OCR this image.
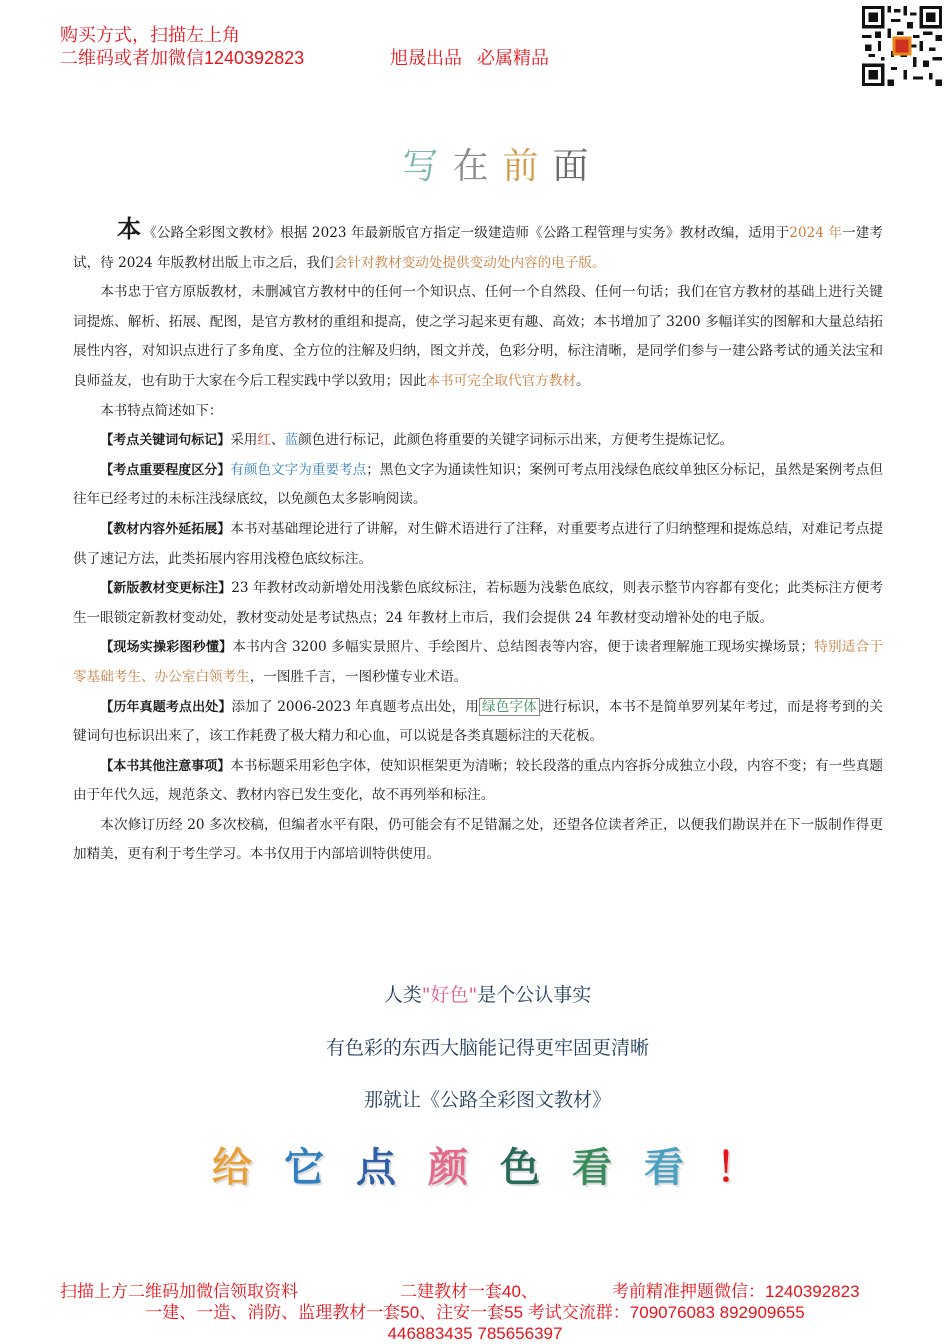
购买方式，扫描左上角
二维码或者加微信1240392823	旭晟出品   必属精品
写在前面

本 《公路全彩图文教材》根据 2023 年最新版官方指定一级建造师《公路工程管理与实务》教材改编，适用于2024 年一建考试，待 2024 年版教材出版上市之后，我们会针对教材变动处提供变动处内容的电子版。

本书忠于官方原版教材，未删减官方教材中的任何一个知识点、任何一个自然段、任何一句话；我们在官方教材的基础上进行关键词提炼、解析、拓展、配图，是官方教材的重组和提高，使之学习起来更有趣、高效；本书增加了 3200 多幅详实的图解和大量总结拓展性内容，对知识点进行了多角度、全方位的注解及归纳，图文并茂，色彩分明，标注清晰，是同学们参与一建公路考试的通关法宝和良师益友，也有助于大家在今后工程实践中学以致用；因此本书可完全取代官方教材。

本书特点简述如下：

【考点关键词句标记】采用红、蓝颜色进行标记，此颜色将重要的关键字词标示出来，方便考生提炼记忆。

【考点重要程度区分】有颜色文字为重要考点；黑色文字为通读性知识；案例可考点用浅绿色底纹单独区分标记，虽然是案例考点但往年已经考过的未标注浅绿底纹，以免颜色太多影响阅读。

【教材内容外延拓展】本书对基础理论进行了讲解，对生僻术语进行了注释，对重要考点进行了归纳整理和提炼总结，对难记考点提供了速记方法，此类拓展内容用浅橙色底纹标注。

【新版教材变更标注】23 年教材改动新增处用浅紫色底纹标注，若标题为浅紫色底纹，则表示整节内容都有变化；此类标注方便考生一眼锁定新教材变动处，教材变动处是考试热点；24 年教材上市后，我们会提供 24 年教材变动增补处的电子版。

【现场实操彩图秒懂】本书内含 3200 多幅实景照片、手绘图片、总结图表等内容，便于读者理解施工现场实操场景；特别适合于零基础考生、办公室白领考生，一图胜千言，一图秒懂专业术语。

【历年真题考点出处】添加了 2006-2023 年真题考点出处，用 绿色字体 进行标识，本书不是简单罗列某年考过，而是将考到的关键词句也标识出来了，该工作耗费了极大精力和心血，可以说是各类真题标注的天花板。

【本书其他注意事项】本书标题采用彩色字体，使知识框架更为清晰；较长段落的重点内容拆分成独立小段，内容不变；有一些真题由于年代久远，规范条文、教材内容已发生变化，故不再列举和标注。

本次修订历经 20 多次校稿，但编者水平有限，仍可能会有不足错漏之处，还望各位读者斧正，以便我们勘误并在下一版制作得更加精美，更有利于考生学习。本书仅用于内部培训特供使用。

人类"好色"是个公认事实
有色彩的东西大脑能记得更牢固更清晰
那就让《公路全彩图文教材》
给它点颜色看看！
扫描上方二维码加微信领取资料	二建教材一套40、	考前精准押题微信：1240392823
一建、一造、消防、监理教材一套50、注安一套55 考试交流群：709076083 892909655
446883435 785656397
